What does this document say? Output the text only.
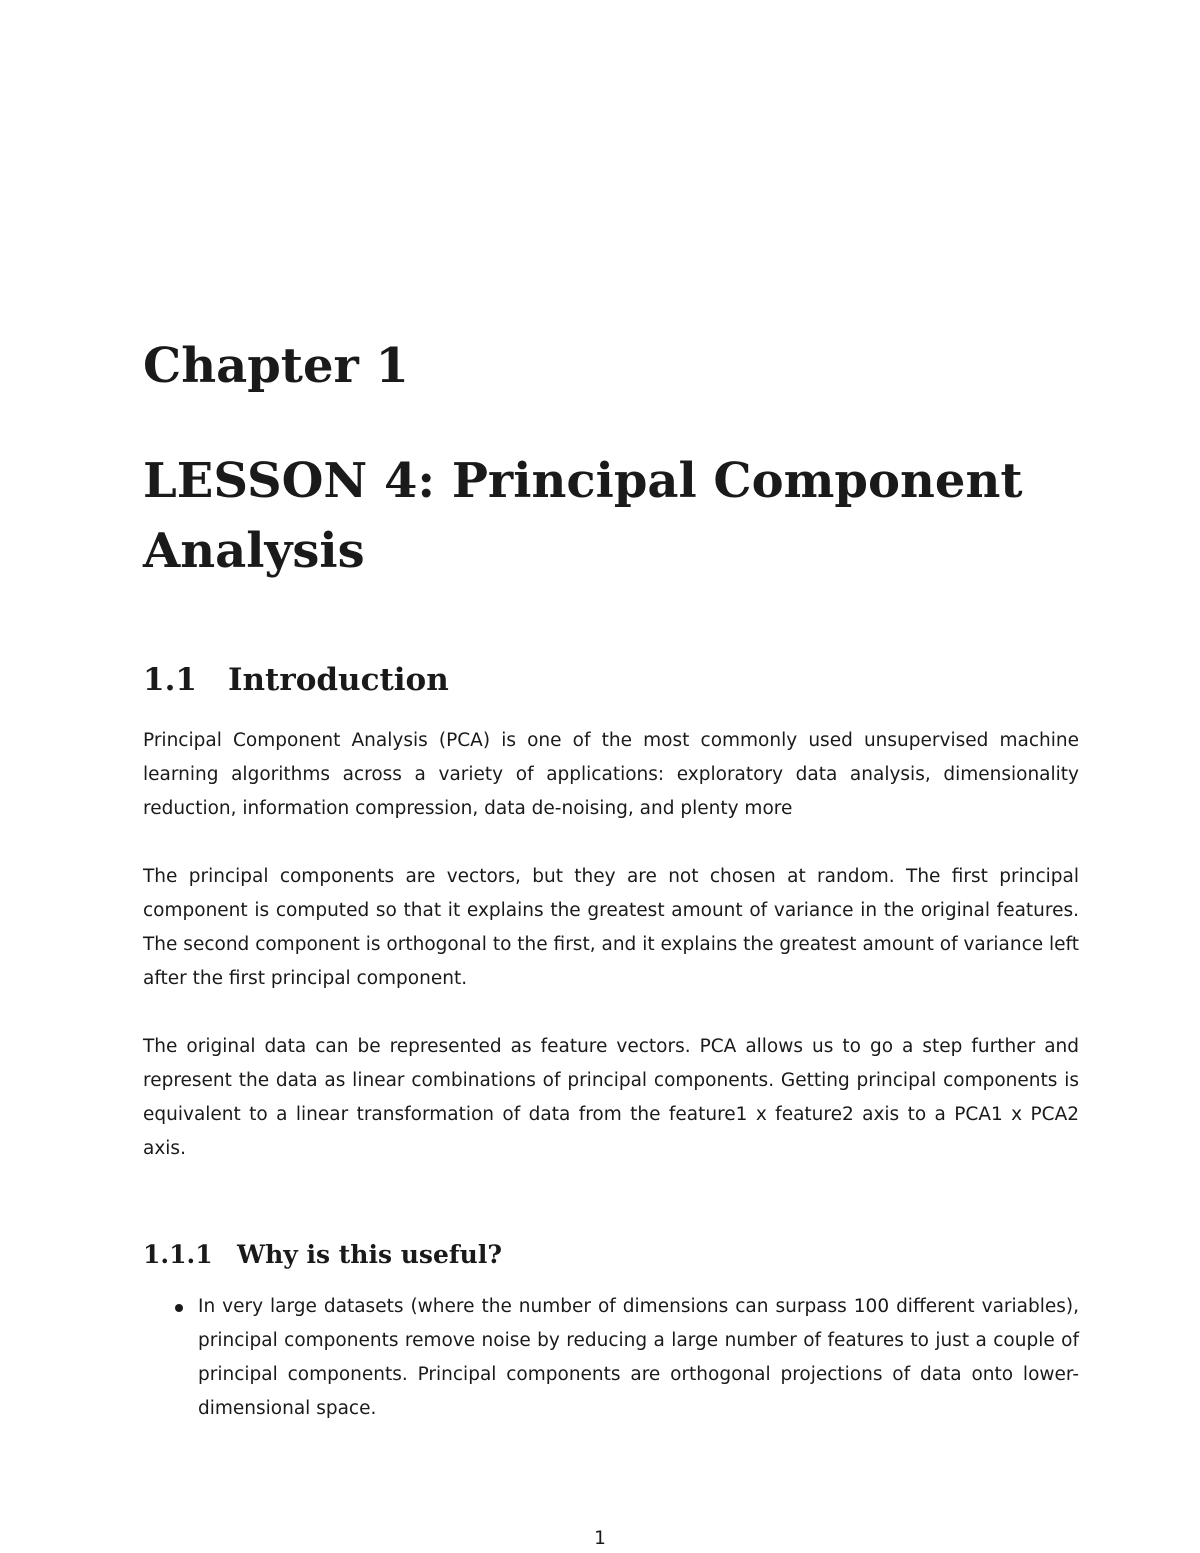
Chapter 1
LESSON 4: Principal Component Analysis
1.1 Introduction

Principal Component Analysis (PCA) is one of the most commonly used unsupervised machine learning algorithms across a variety of applications: exploratory data analysis, dimensionality reduction, information compression, data de-noising, and plenty more

The principal components are vectors, but they are not chosen at random. The first principal component is computed so that it explains the greatest amount of variance in the original features. The second component is orthogonal to the first, and it explains the greatest amount of variance left after the first principal component.

The original data can be represented as feature vectors. PCA allows us to go a step further and represent the data as linear combinations of principal components. Getting principal components is equivalent to a linear transformation of data from the feature1 x feature2 axis to a PCA1 x PCA2 axis.

1.1.1 Why is this useful?

In very large datasets (where the number of dimensions can surpass 100 different variables), principal components remove noise by reducing a large number of features to just a couple of principal components. Principal components are orthogonal projections of data onto lower-dimensional space.

1
